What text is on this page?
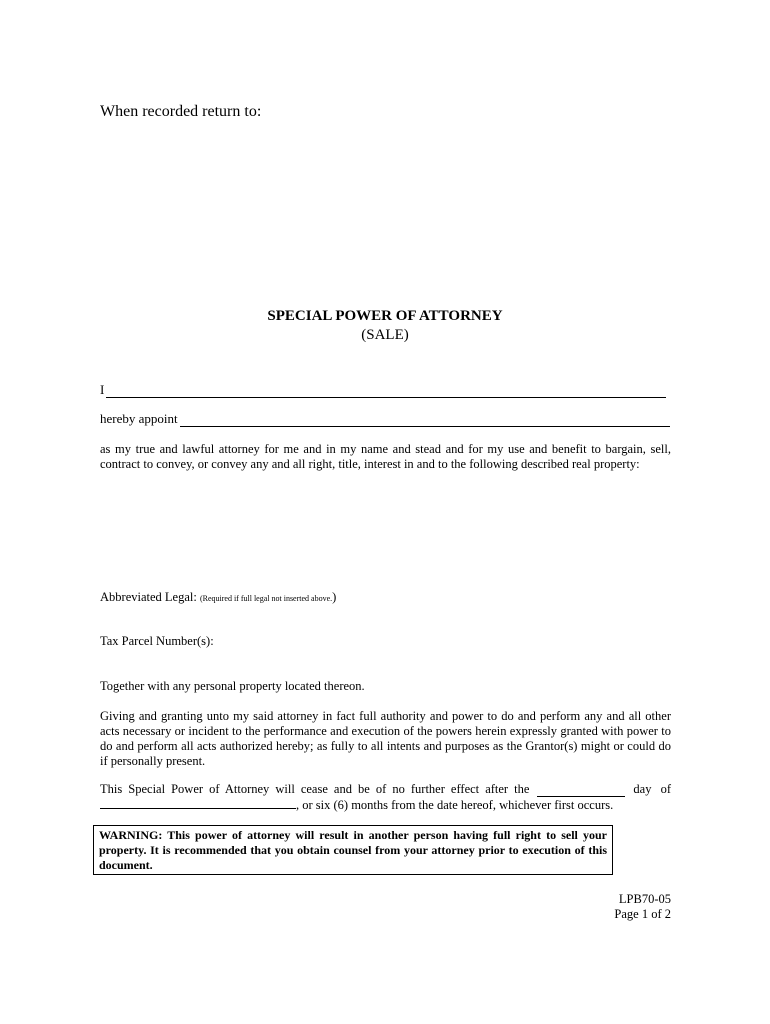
When recorded return to:
SPECIAL POWER OF ATTORNEY
(SALE)
I
hereby appoint
as my true and lawful attorney for me and in my name and stead and for my use and benefit to bargain, sell, contract to convey, or convey any and all right, title, interest in and to the following described real property:
Abbreviated Legal: (Required if full legal not inserted above.)
Tax Parcel Number(s):
Together with any personal property located thereon.
Giving and granting unto my said attorney in fact full authority and power to do and perform any and all other acts necessary or incident to the performance and execution of the powers herein expressly granted with power to do and perform all acts authorized hereby; as fully to all intents and purposes as the Grantor(s) might or could do if personally present.
This Special Power of Attorney will cease and be of no further effect after the	day of
, or six (6) months from the date hereof, whichever first occurs.
WARNING: This power of attorney will result in another person having full right to sell your property. It is recommended that you obtain counsel from your attorney prior to execution of this document.
LPB70-05
Page 1 of 2
